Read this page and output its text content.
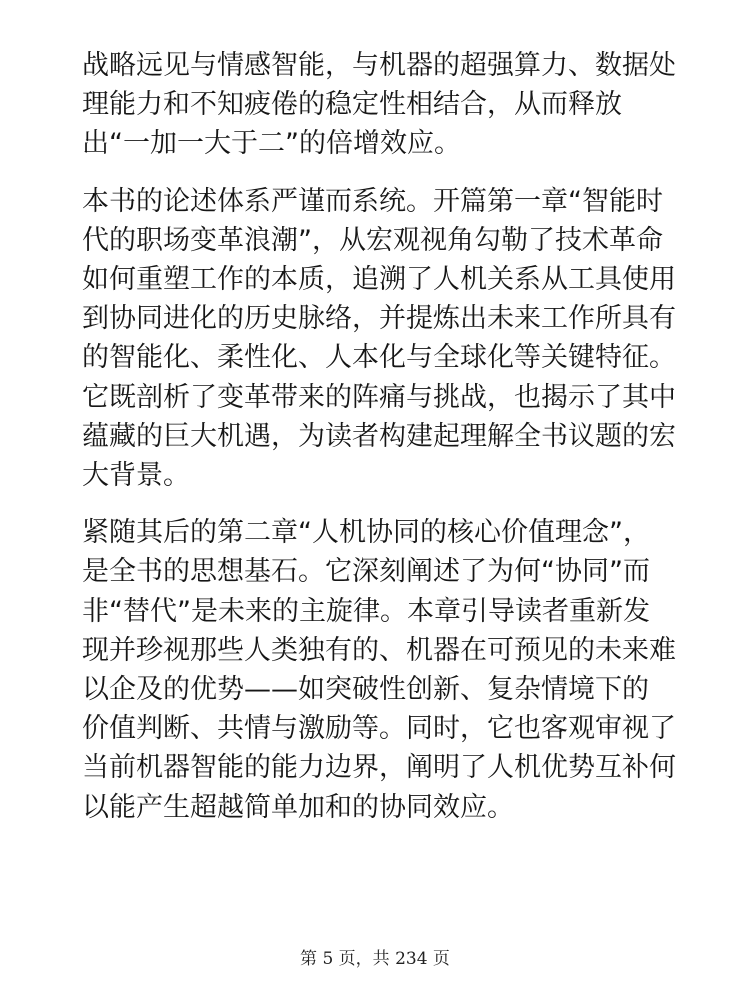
战略远见与情感智能，与机器的超强算力、数据处
理能力和不知疲倦的稳定性相结合，从而释放
出“一加一大于二”的倍增效应。

本书的论述体系严谨而系统。开篇第一章“智能时
代的职场变革浪潮”，从宏观视角勾勒了技术革命
如何重塑工作的本质，追溯了人机关系从工具使用
到协同进化的历史脉络，并提炼出未来工作所具有
的智能化、柔性化、人本化与全球化等关键特征。
它既剖析了变革带来的阵痛与挑战，也揭示了其中
蕴藏的巨大机遇，为读者构建起理解全书议题的宏
大背景。

紧随其后的第二章“人机协同的核心价值理念”，
是全书的思想基石。它深刻阐述了为何“协同”而
非“替代”是未来的主旋律。本章引导读者重新发
现并珍视那些人类独有的、机器在可预见的未来难
以企及的优势——如突破性创新、复杂情境下的
价值判断、共情与激励等。同时，它也客观审视了
当前机器智能的能力边界，阐明了人机优势互补何
以能产生超越简单加和的协同效应。

第 5 页，共 234 页
